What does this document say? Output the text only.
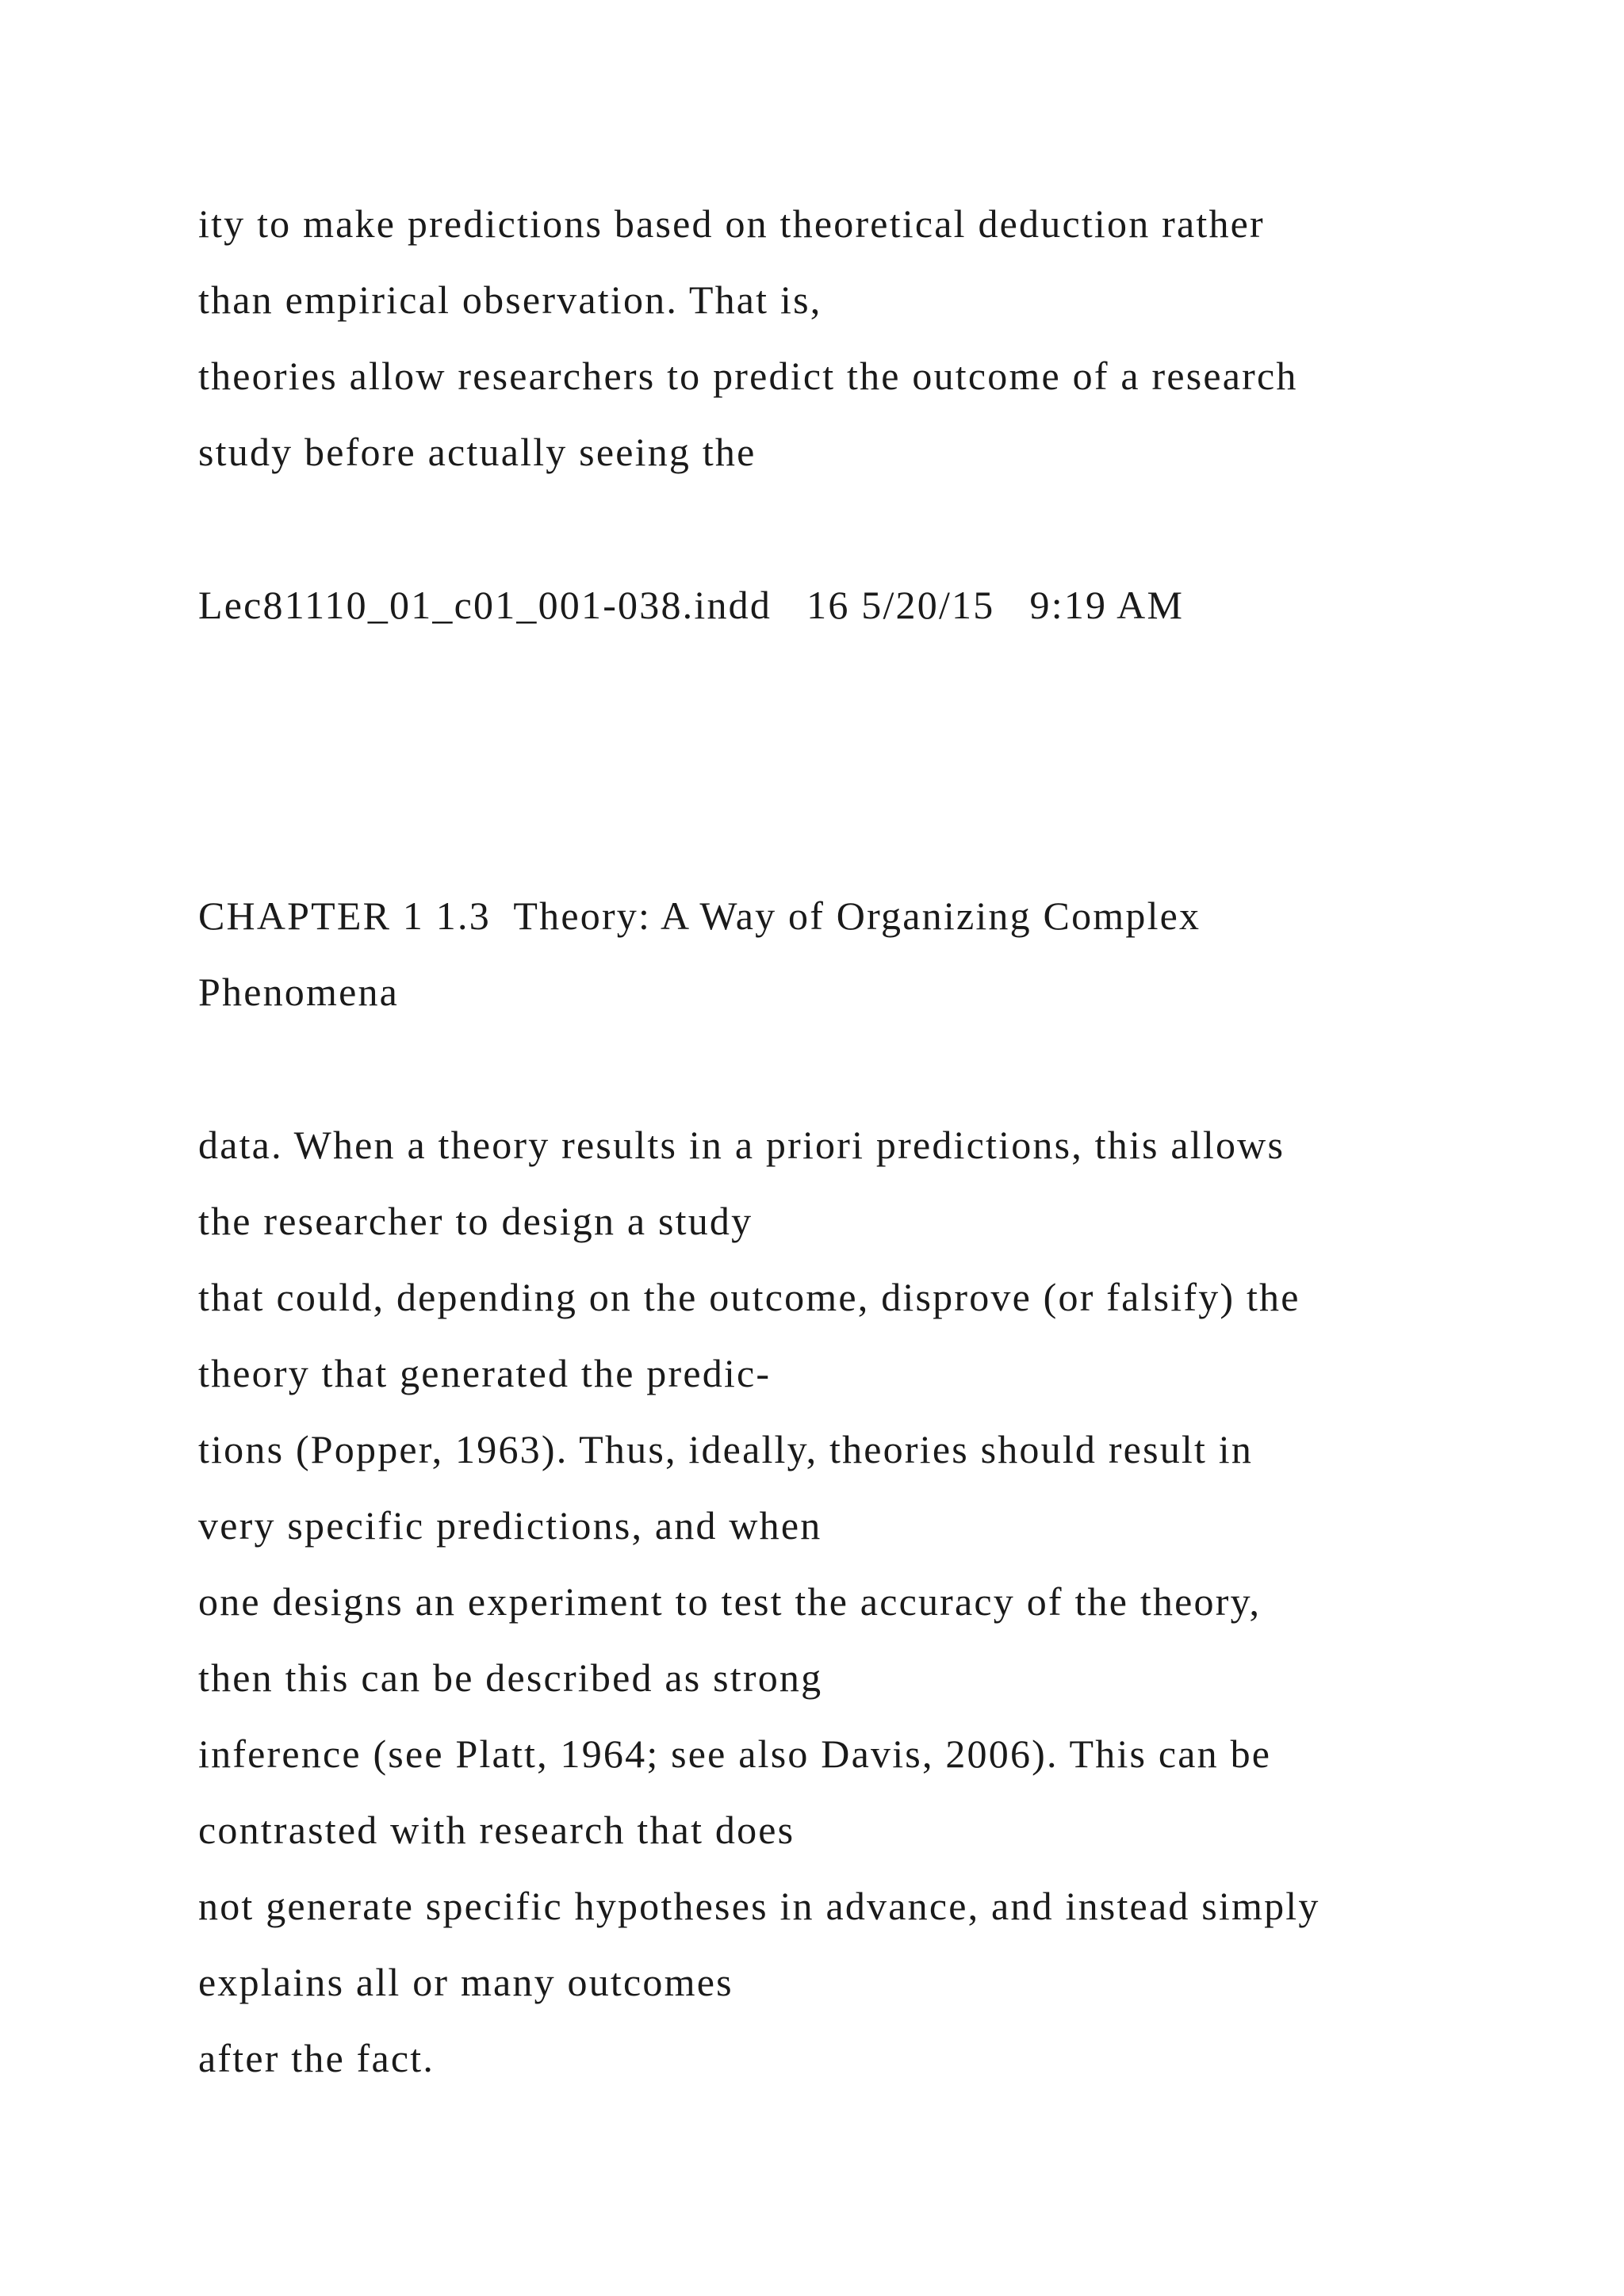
ity to make predictions based on theoretical deduction rather

than empirical observation. That is,

theories allow researchers to predict the outcome of a research

study before actually seeing the

Lec81110_01_c01_001-038.indd   16 5/20/15   9:19 AM

CHAPTER 1 1.3  Theory: A Way of Organizing Complex

Phenomena

data. When a theory results in a priori predictions, this allows

the researcher to design a study

that could, depending on the outcome, disprove (or falsify) the

theory that generated the predic-

tions (Popper, 1963). Thus, ideally, theories should result in

very specific predictions, and when

one designs an experiment to test the accuracy of the theory,

then this can be described as strong

inference (see Platt, 1964; see also Davis, 2006). This can be

contrasted with research that does

not generate specific hypotheses in advance, and instead simply

explains all or many outcomes

after the fact.
